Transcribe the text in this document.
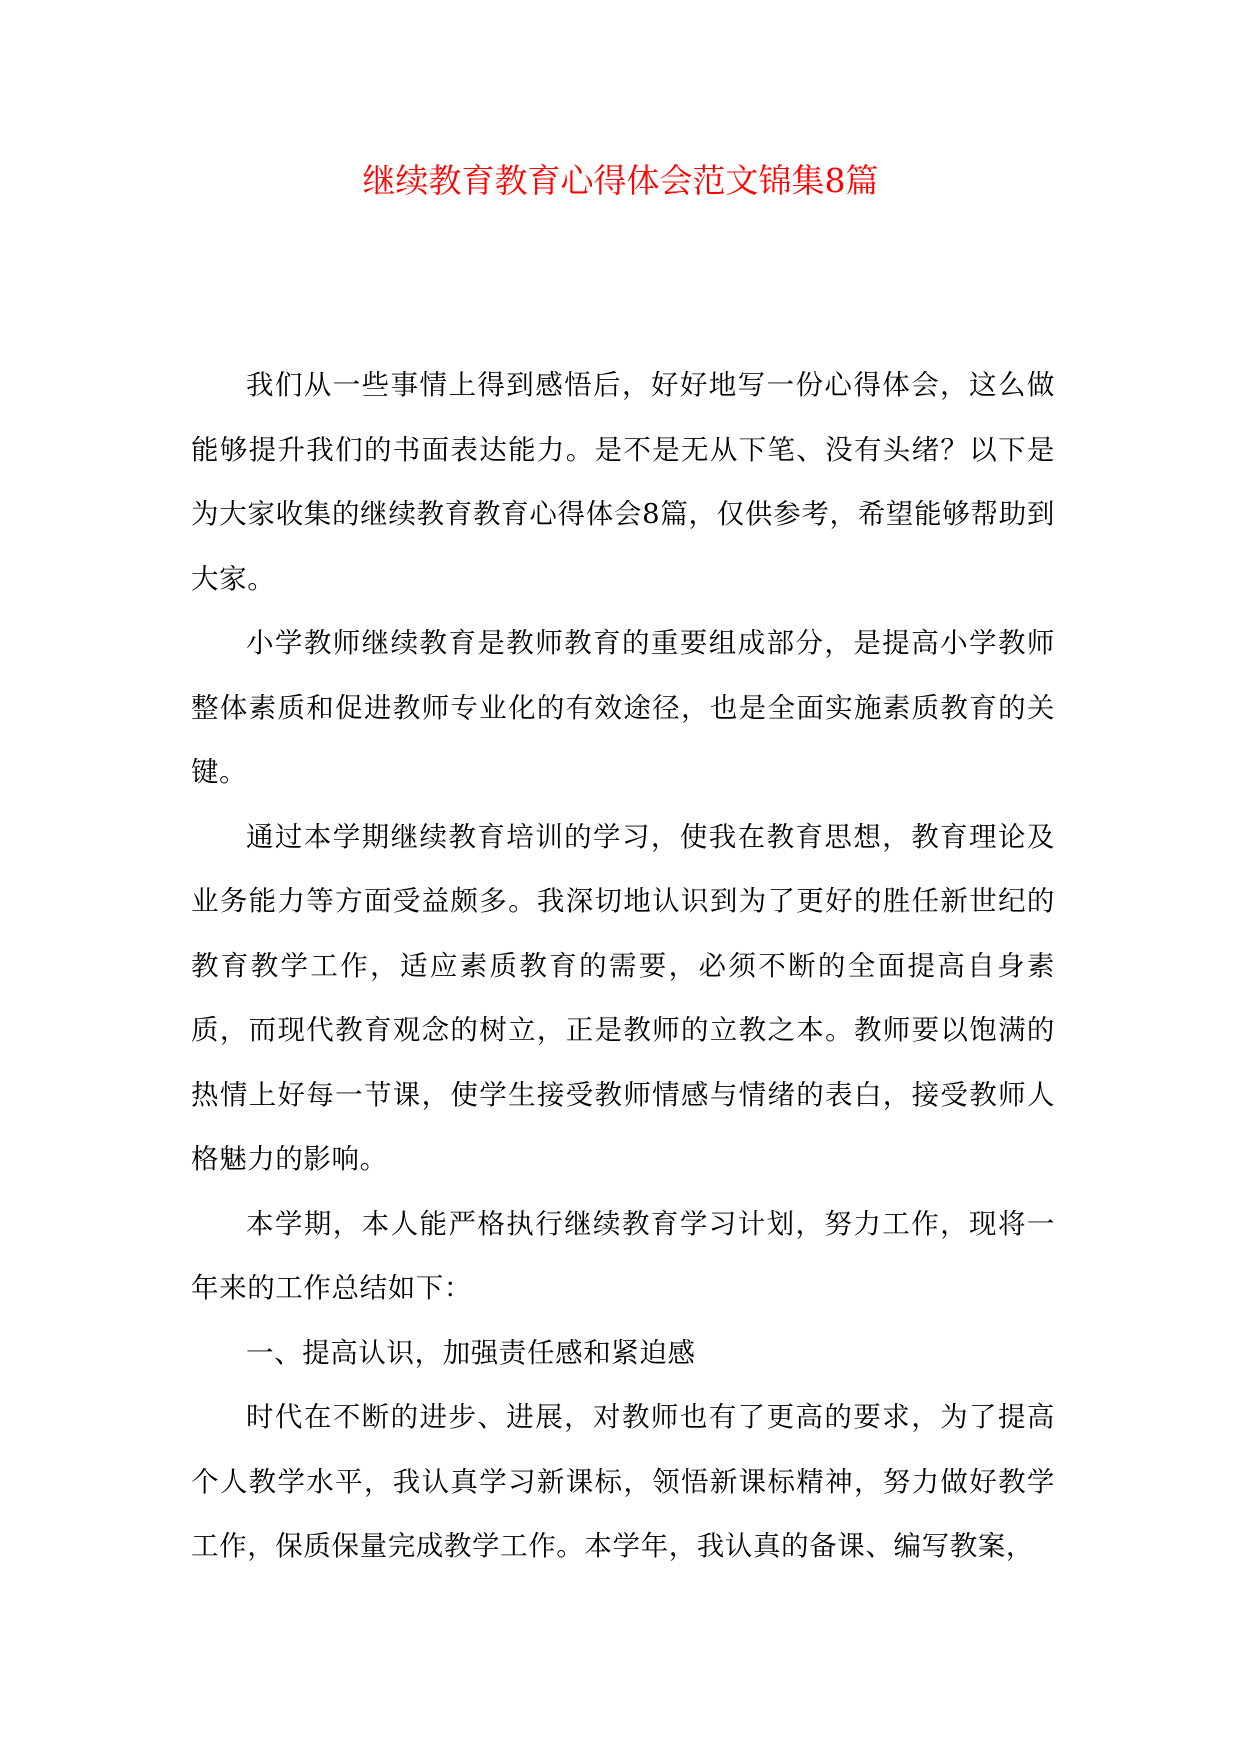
继续教育教育心得体会范文锦集8篇

我们从一些事情上得到感悟后，好好地写一份心得体会，这么做能够提升我们的书面表达能力。是不是无从下笔、没有头绪？以下是为大家收集的继续教育教育心得体会8篇，仅供参考，希望能够帮助到大家。

小学教师继续教育是教师教育的重要组成部分，是提高小学教师整体素质和促进教师专业化的有效途径，也是全面实施素质教育的关键。

通过本学期继续教育培训的学习，使我在教育思想，教育理论及业务能力等方面受益颇多。我深切地认识到为了更好的胜任新世纪的教育教学工作，适应素质教育的需要，必须不断的全面提高自身素质，而现代教育观念的树立，正是教师的立教之本。教师要以饱满的热情上好每一节课，使学生接受教师情感与情绪的表白，接受教师人格魅力的影响。

本学期，本人能严格执行继续教育学习计划，努力工作，现将一年来的工作总结如下：

一、提高认识，加强责任感和紧迫感

时代在不断的进步、进展，对教师也有了更高的要求，为了提高个人教学水平，我认真学习新课标，领悟新课标精神，努力做好教学工作，保质保量完成教学工作。本学年，我认真的备课、编写教案，
